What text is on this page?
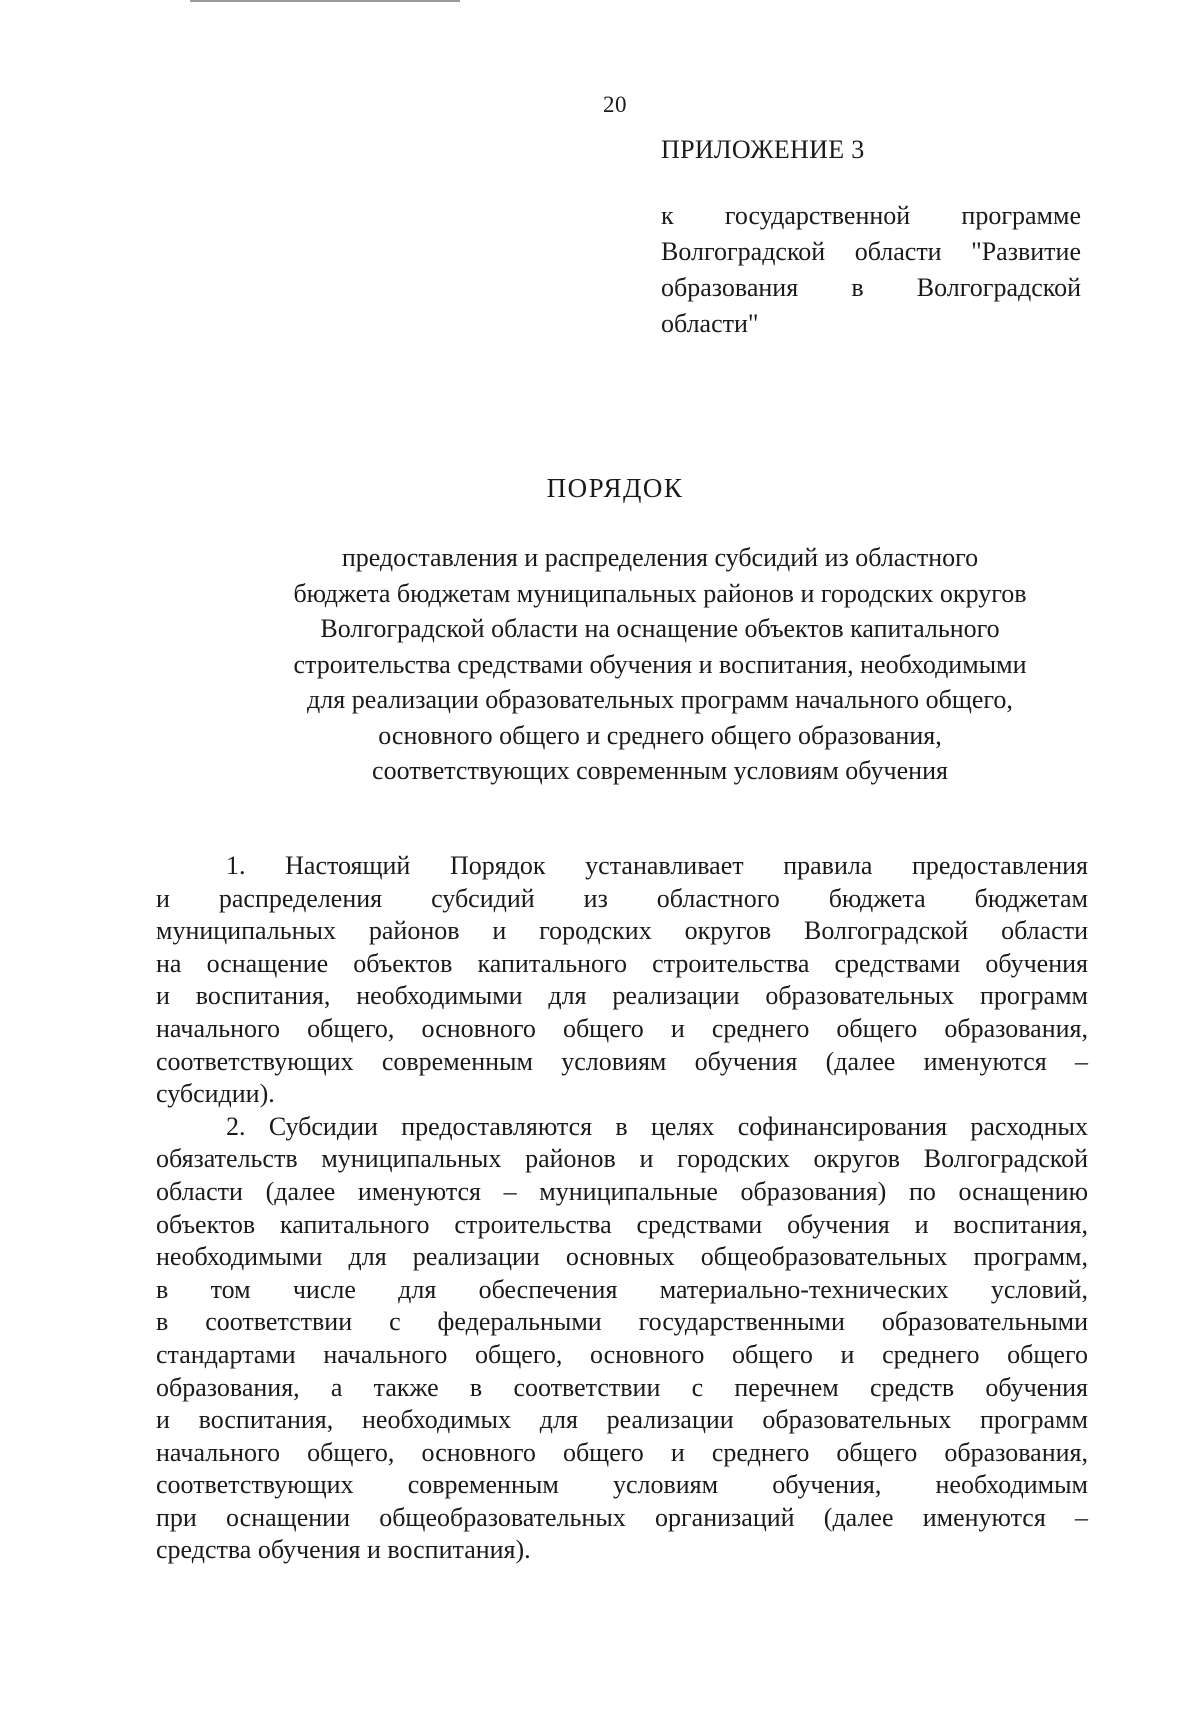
20
ПРИЛОЖЕНИЕ 3
к государственной программе
Волгоградской области "Развитие
образования в Волгоградской
области"
ПОРЯДОК
предоставления и распределения субсидий из областного
бюджета бюджетам муниципальных районов и городских округов
Волгоградской области на оснащение объектов капитального
строительства средствами обучения и воспитания, необходимыми
для реализации образовательных программ начального общего,
основного общего и среднего общего образования,
соответствующих современным условиям обучения
1. Настоящий Порядок устанавливает правила предоставления
и распределения субсидий из областного бюджета бюджетам
муниципальных районов и городских округов Волгоградской области
на оснащение объектов капитального строительства средствами обучения
и воспитания, необходимыми для реализации образовательных программ
начального общего, основного общего и среднего общего образования,
соответствующих современным условиям обучения (далее именуются –
субсидии).
2. Субсидии предоставляются в целях софинансирования расходных
обязательств муниципальных районов и городских округов Волгоградской
области (далее именуются – муниципальные образования) по оснащению
объектов капитального строительства средствами обучения и воспитания,
необходимыми для реализации основных общеобразовательных программ,
в том числе для обеспечения материально-технических условий,
в соответствии с федеральными государственными образовательными
стандартами начального общего, основного общего и среднего общего
образования, а также в соответствии с перечнем средств обучения
и воспитания, необходимых для реализации образовательных программ
начального общего, основного общего и среднего общего образования,
соответствующих современным условиям обучения, необходимым
при оснащении общеобразовательных организаций (далее именуются –
средства обучения и воспитания).
